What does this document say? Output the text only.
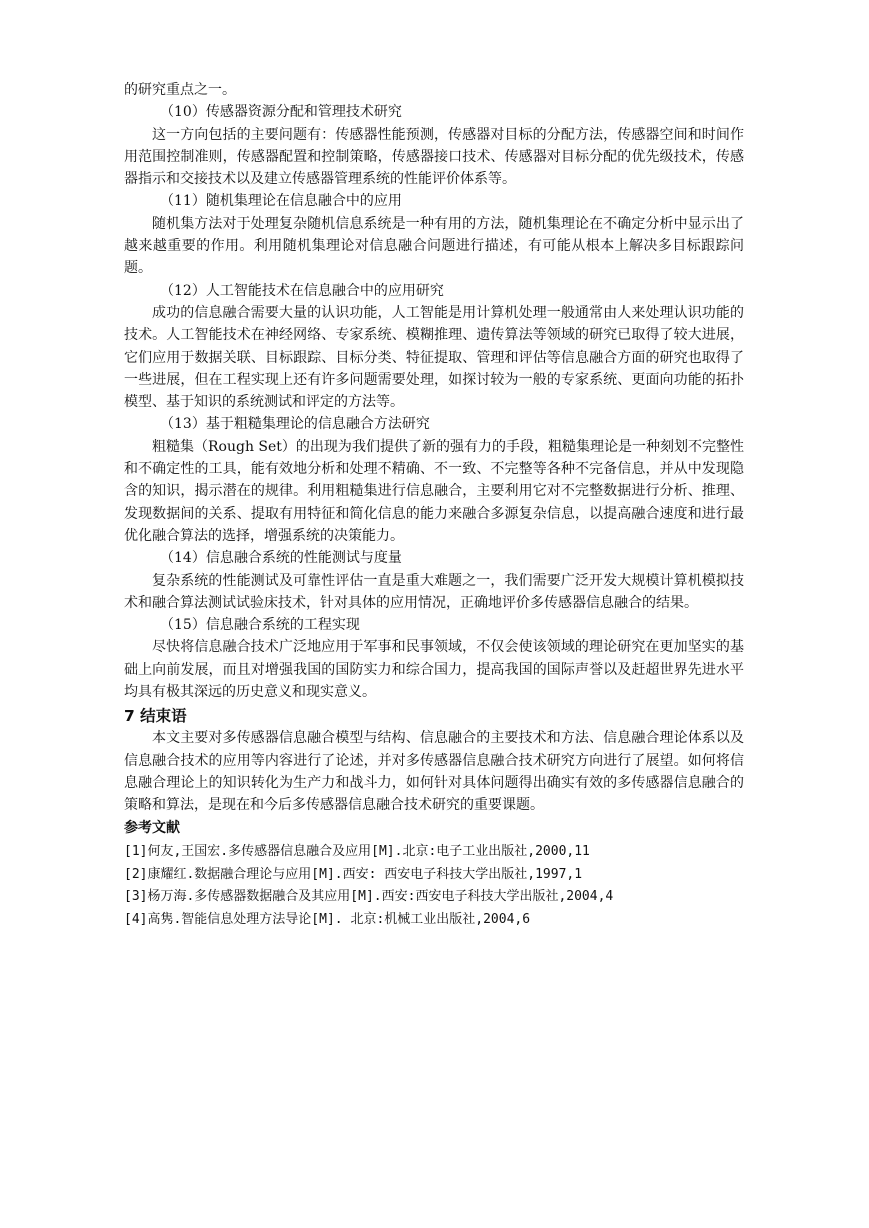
的研究重点之一。

（10）传感器资源分配和管理技术研究

这一方向包括的主要问题有：传感器性能预测，传感器对目标的分配方法，传感器空间和时间作用范围控制准则，传感器配置和控制策略，传感器接口技术、传感器对目标分配的优先级技术，传感器指示和交接技术以及建立传感器管理系统的性能评价体系等。

（11）随机集理论在信息融合中的应用

随机集方法对于处理复杂随机信息系统是一种有用的方法，随机集理论在不确定分析中显示出了越来越重要的作用。利用随机集理论对信息融合问题进行描述，有可能从根本上解决多目标跟踪问题。

（12）人工智能技术在信息融合中的应用研究

成功的信息融合需要大量的认识功能，人工智能是用计算机处理一般通常由人来处理认识功能的技术。人工智能技术在神经网络、专家系统、模糊推理、遗传算法等领域的研究已取得了较大进展，它们应用于数据关联、目标跟踪、目标分类、特征提取、管理和评估等信息融合方面的研究也取得了一些进展，但在工程实现上还有许多问题需要处理，如探讨较为一般的专家系统、更面向功能的拓扑模型、基于知识的系统测试和评定的方法等。

（13）基于粗糙集理论的信息融合方法研究

粗糙集（Rough Set）的出现为我们提供了新的强有力的手段，粗糙集理论是一种刻划不完整性和不确定性的工具，能有效地分析和处理不精确、不一致、不完整等各种不完备信息，并从中发现隐含的知识，揭示潜在的规律。利用粗糙集进行信息融合，主要利用它对不完整数据进行分析、推理、发现数据间的关系、提取有用特征和简化信息的能力来融合多源复杂信息，以提高融合速度和进行最优化融合算法的选择，增强系统的决策能力。

（14）信息融合系统的性能测试与度量

复杂系统的性能测试及可靠性评估一直是重大难题之一，我们需要广泛开发大规模计算机模拟技术和融合算法测试试验床技术，针对具体的应用情况，正确地评价多传感器信息融合的结果。

（15）信息融合系统的工程实现

尽快将信息融合技术广泛地应用于军事和民事领域，不仅会使该领域的理论研究在更加坚实的基础上向前发展，而且对增强我国的国防实力和综合国力，提高我国的国际声誉以及赶超世界先进水平均具有极其深远的历史意义和现实意义。

7 结束语

本文主要对多传感器信息融合模型与结构、信息融合的主要技术和方法、信息融合理论体系以及信息融合技术的应用等内容进行了论述，并对多传感器信息融合技术研究方向进行了展望。如何将信息融合理论上的知识转化为生产力和战斗力，如何针对具体问题得出确实有效的多传感器信息融合的策略和算法，是现在和今后多传感器信息融合技术研究的重要课题。

参考文献
[1]何友,王国宏.多传感器信息融合及应用[M].北京:电子工业出版社,2000,11
[2]康耀红.数据融合理论与应用[M].西安: 西安电子科技大学出版社,1997,1
[3]杨万海.多传感器数据融合及其应用[M].西安:西安电子科技大学出版社,2004,4
[4]高隽.智能信息处理方法导论[M]. 北京:机械工业出版社,2004,6
